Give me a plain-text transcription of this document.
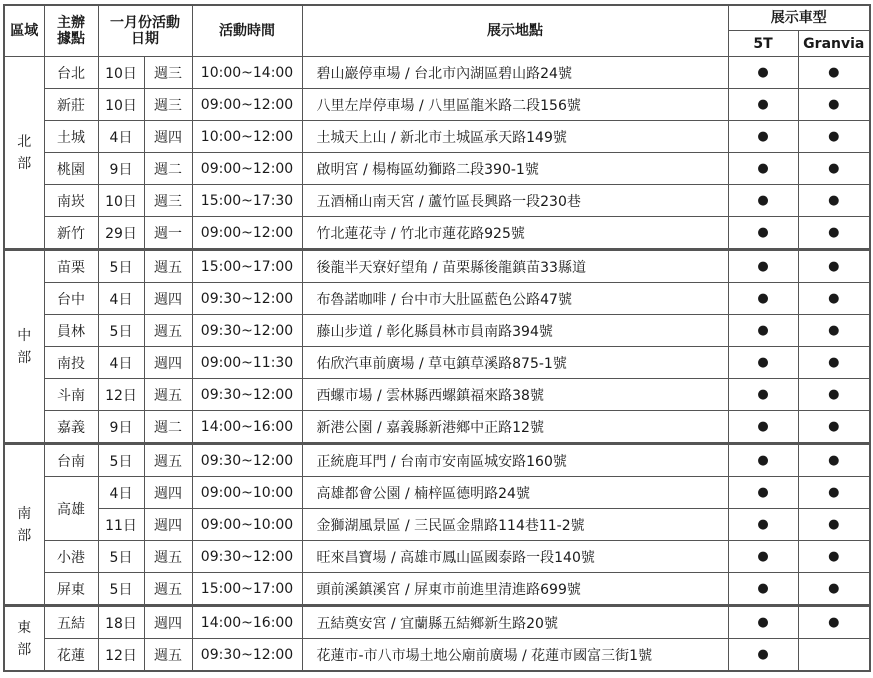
區域	主辦據點	一月份活動日期		活動時間	展示地點	展示車型	
						5T	Granvia

北部	台北	10日	週三	10:00~14:00	碧山巖停車場 / 台北市內湖區碧山路24號	●	●
	新莊	10日	週三	09:00~12:00	八里左岸停車場 / 八里區龍米路二段156號	●	●
	土城	4日	週四	10:00~12:00	土城天上山 / 新北市土城區承天路149號	●	●
	桃園	9日	週二	09:00~12:00	啟明宮 / 楊梅區幼獅路二段390-1號	●	●
	南崁	10日	週三	15:00~17:30	五酒桶山南天宮 / 蘆竹區長興路一段230巷	●	●
	新竹	29日	週一	09:00~12:00	竹北蓮花寺 / 竹北市蓮花路925號	●	●

中部	苗栗	5日	週五	15:00~17:00	後龍半天寮好望角 / 苗栗縣後龍鎮苗33縣道	●	●
	台中	4日	週四	09:30~12:00	布魯諾咖啡 / 台中市大肚區藍色公路47號	●	●
	員林	5日	週五	09:30~12:00	藤山步道 / 彰化縣員林市員南路394號	●	●
	南投	4日	週四	09:00~11:30	佑欣汽車前廣場 / 草屯鎮草溪路875-1號	●	●
	斗南	12日	週五	09:30~12:00	西螺市場 / 雲林縣西螺鎮福來路38號	●	●
	嘉義	9日	週二	14:00~16:00	新港公園 / 嘉義縣新港鄉中正路12號	●	●

南部	台南	5日	週五	09:30~12:00	正統鹿耳門 / 台南市安南區城安路160號	●	●
	高雄	4日	週四	09:00~10:00	高雄都會公園 / 楠梓區德明路24號	●	●
		11日	週四	09:00~10:00	金獅湖風景區 / 三民區金鼎路114巷11-2號	●	●
	小港	5日	週五	09:30~12:00	旺來昌寶場 / 高雄市鳳山區國泰路一段140號	●	●
	屏東	5日	週五	15:00~17:00	頭前溪鎮溪宮 / 屏東市前進里清進路699號	●	●

東部	五結	18日	週四	14:00~16:00	五結奠安宮 / 宜蘭縣五結鄉新生路20號	●	●
	花蓮	12日	週五	09:30~12:00	花蓮市-市八市場土地公廟前廣場 / 花蓮市國富三街1號	●	
